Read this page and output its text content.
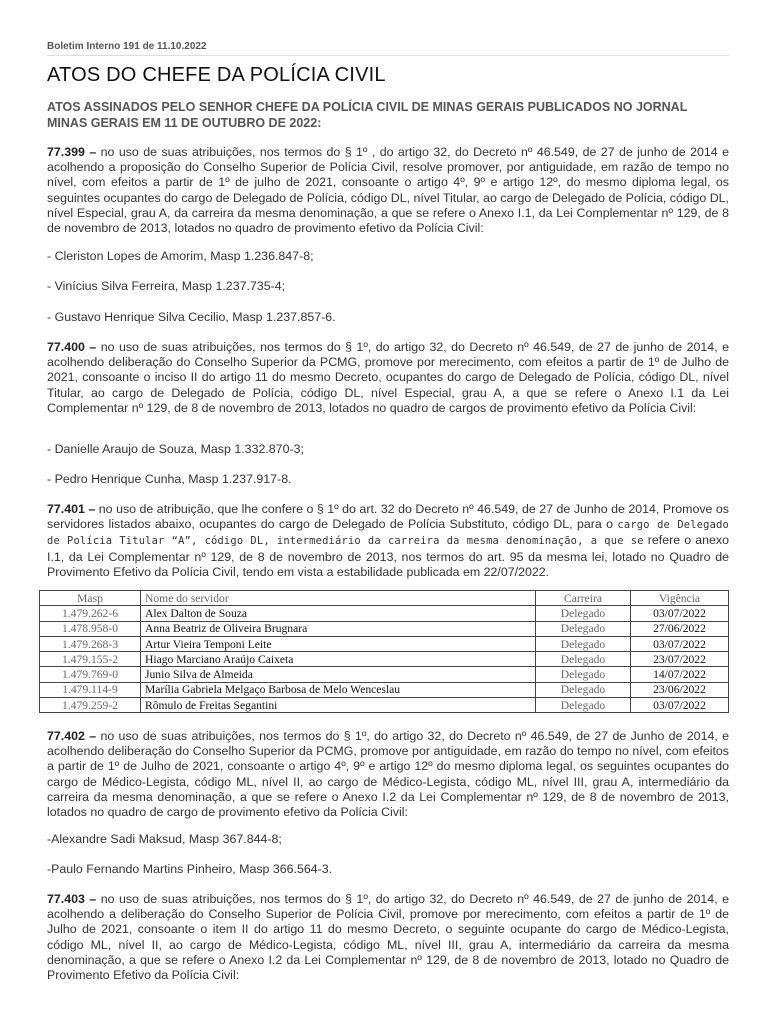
Boletim Interno 191 de 11.10.2022
ATOS DO CHEFE DA POLÍCIA CIVIL
ATOS ASSINADOS PELO SENHOR CHEFE DA POLÍCIA CIVIL DE MINAS GERAIS PUBLICADOS NO JORNAL MINAS GERAIS EM 11 DE OUTUBRO DE 2022:
77.399 – no uso de suas atribuições, nos termos do § 1º , do artigo 32, do Decreto nº 46.549, de 27 de junho de 2014 e acolhendo a proposição do Conselho Superior de Polícia Civil, resolve promover, por antiguidade, em razão de tempo no nível, com efeitos a partir de 1º de julho de 2021, consoante o artigo 4º, 9º e artigo 12º, do mesmo diploma legal, os seguintes ocupantes do cargo de Delegado de Polícia, código DL, nível Titular, ao cargo de Delegado de Polícia, código DL, nível Especial, grau A, da carreira da mesma denominação, a que se refere o Anexo I.1, da Lei Complementar nº 129, de 8 de novembro de 2013, lotados no quadro de provimento efetivo da Polícia Civil:
- Cleriston Lopes de Amorim, Masp 1.236.847-8;
- Vinícius Silva Ferreira, Masp 1.237.735-4;
- Gustavo Henrique Silva Cecilio, Masp 1.237.857-6.
77.400 – no uso de suas atribuições, nos termos do § 1º, do artigo 32, do Decreto nº 46.549, de 27 de junho de 2014, e acolhendo deliberação do Conselho Superior da PCMG, promove por merecimento, com efeitos a partir de 1º de Julho de 2021, consoante o inciso II do artigo 11 do mesmo Decreto, ocupantes do cargo de Delegado de Polícia, código DL, nível Titular, ao cargo de Delegado de Polícia, código DL, nível Especial, grau A, a que se refere o Anexo I.1 da Lei Complementar nº 129, de 8 de novembro de 2013, lotados no quadro de cargos de provimento efetivo da Polícia Civil:
- Danielle Araujo de Souza, Masp 1.332.870-3;
- Pedro Henrique Cunha, Masp 1.237.917-8.
77.401 – no uso de atribuição, que lhe confere o § 1º do art. 32 do Decreto nº 46.549, de 27 de Junho de 2014, Promove os servidores listados abaixo, ocupantes do cargo de Delegado de Polícia Substituto, código DL, para o cargo de Delegado de Polícia Titular “A”, código DL, intermediário da carreira da mesma denominação, a que se refere o anexo I.1, da Lei Complementar nº 129, de 8 de novembro de 2013, nos termos do art. 95 da mesma lei, lotado no Quadro de Provimento Efetivo da Polícia Civil, tendo em vista a estabilidade publicada em 22/07/2022.
Masp	Nome do servidor	Carreira	Vigência
1.479.262-6	Alex Dalton de Souza	Delegado	03/07/2022
1.478.958-0	Anna Beatriz de Oliveira Brugnara	Delegado	27/06/2022
1.479.268-3	Artur Vieira Temponi Leite	Delegado	03/07/2022
1.479.155-2	Hiago Marciano Araújo Caixeta	Delegado	23/07/2022
1.479.769-0	Junio Silva de Almeida	Delegado	14/07/2022
1.479.114-9	Marília Gabriela Melgaço Barbosa de Melo Wenceslau	Delegado	23/06/2022
1.479.259-2	Rômulo de Freitas Segantini	Delegado	03/07/2022
77.402 – no uso de suas atribuições, nos termos do § 1º, do artigo 32, do Decreto nº 46.549, de 27 de Junho de 2014, e acolhendo deliberação do Conselho Superior da PCMG, promove por antiguidade, em razão do tempo no nível, com efeitos a partir de 1º de Julho de 2021, consoante o artigo 4º, 9º e artigo 12º do mesmo diploma legal, os seguintes ocupantes do cargo de Médico-Legista, código ML, nível II, ao cargo de Médico-Legista, código ML, nível III, grau A, intermediário da carreira da mesma denominação, a que se refere o Anexo I.2 da Lei Complementar nº 129, de 8 de novembro de 2013, lotados no quadro de cargo de provimento efetivo da Polícia Civil:
-Alexandre Sadi Maksud, Masp 367.844-8;
-Paulo Fernando Martins Pinheiro, Masp 366.564-3.
77.403 – no uso de suas atribuições, nos termos do § 1º, do artigo 32, do Decreto nº 46.549, de 27 de junho de 2014, e acolhendo a deliberação do Conselho Superior de Polícia Civil, promove por merecimento, com efeitos a partir de 1º de Julho de 2021, consoante o item II do artigo 11 do mesmo Decreto, o seguinte ocupante do cargo de Médico-Legista, código ML, nível II, ao cargo de Médico-Legista, código ML, nível III, grau A, intermediário da carreira da mesma denominação, a que se refere o Anexo I.2 da Lei Complementar nº 129, de 8 de novembro de 2013, lotado no Quadro de Provimento Efetivo da Polícia Civil:
